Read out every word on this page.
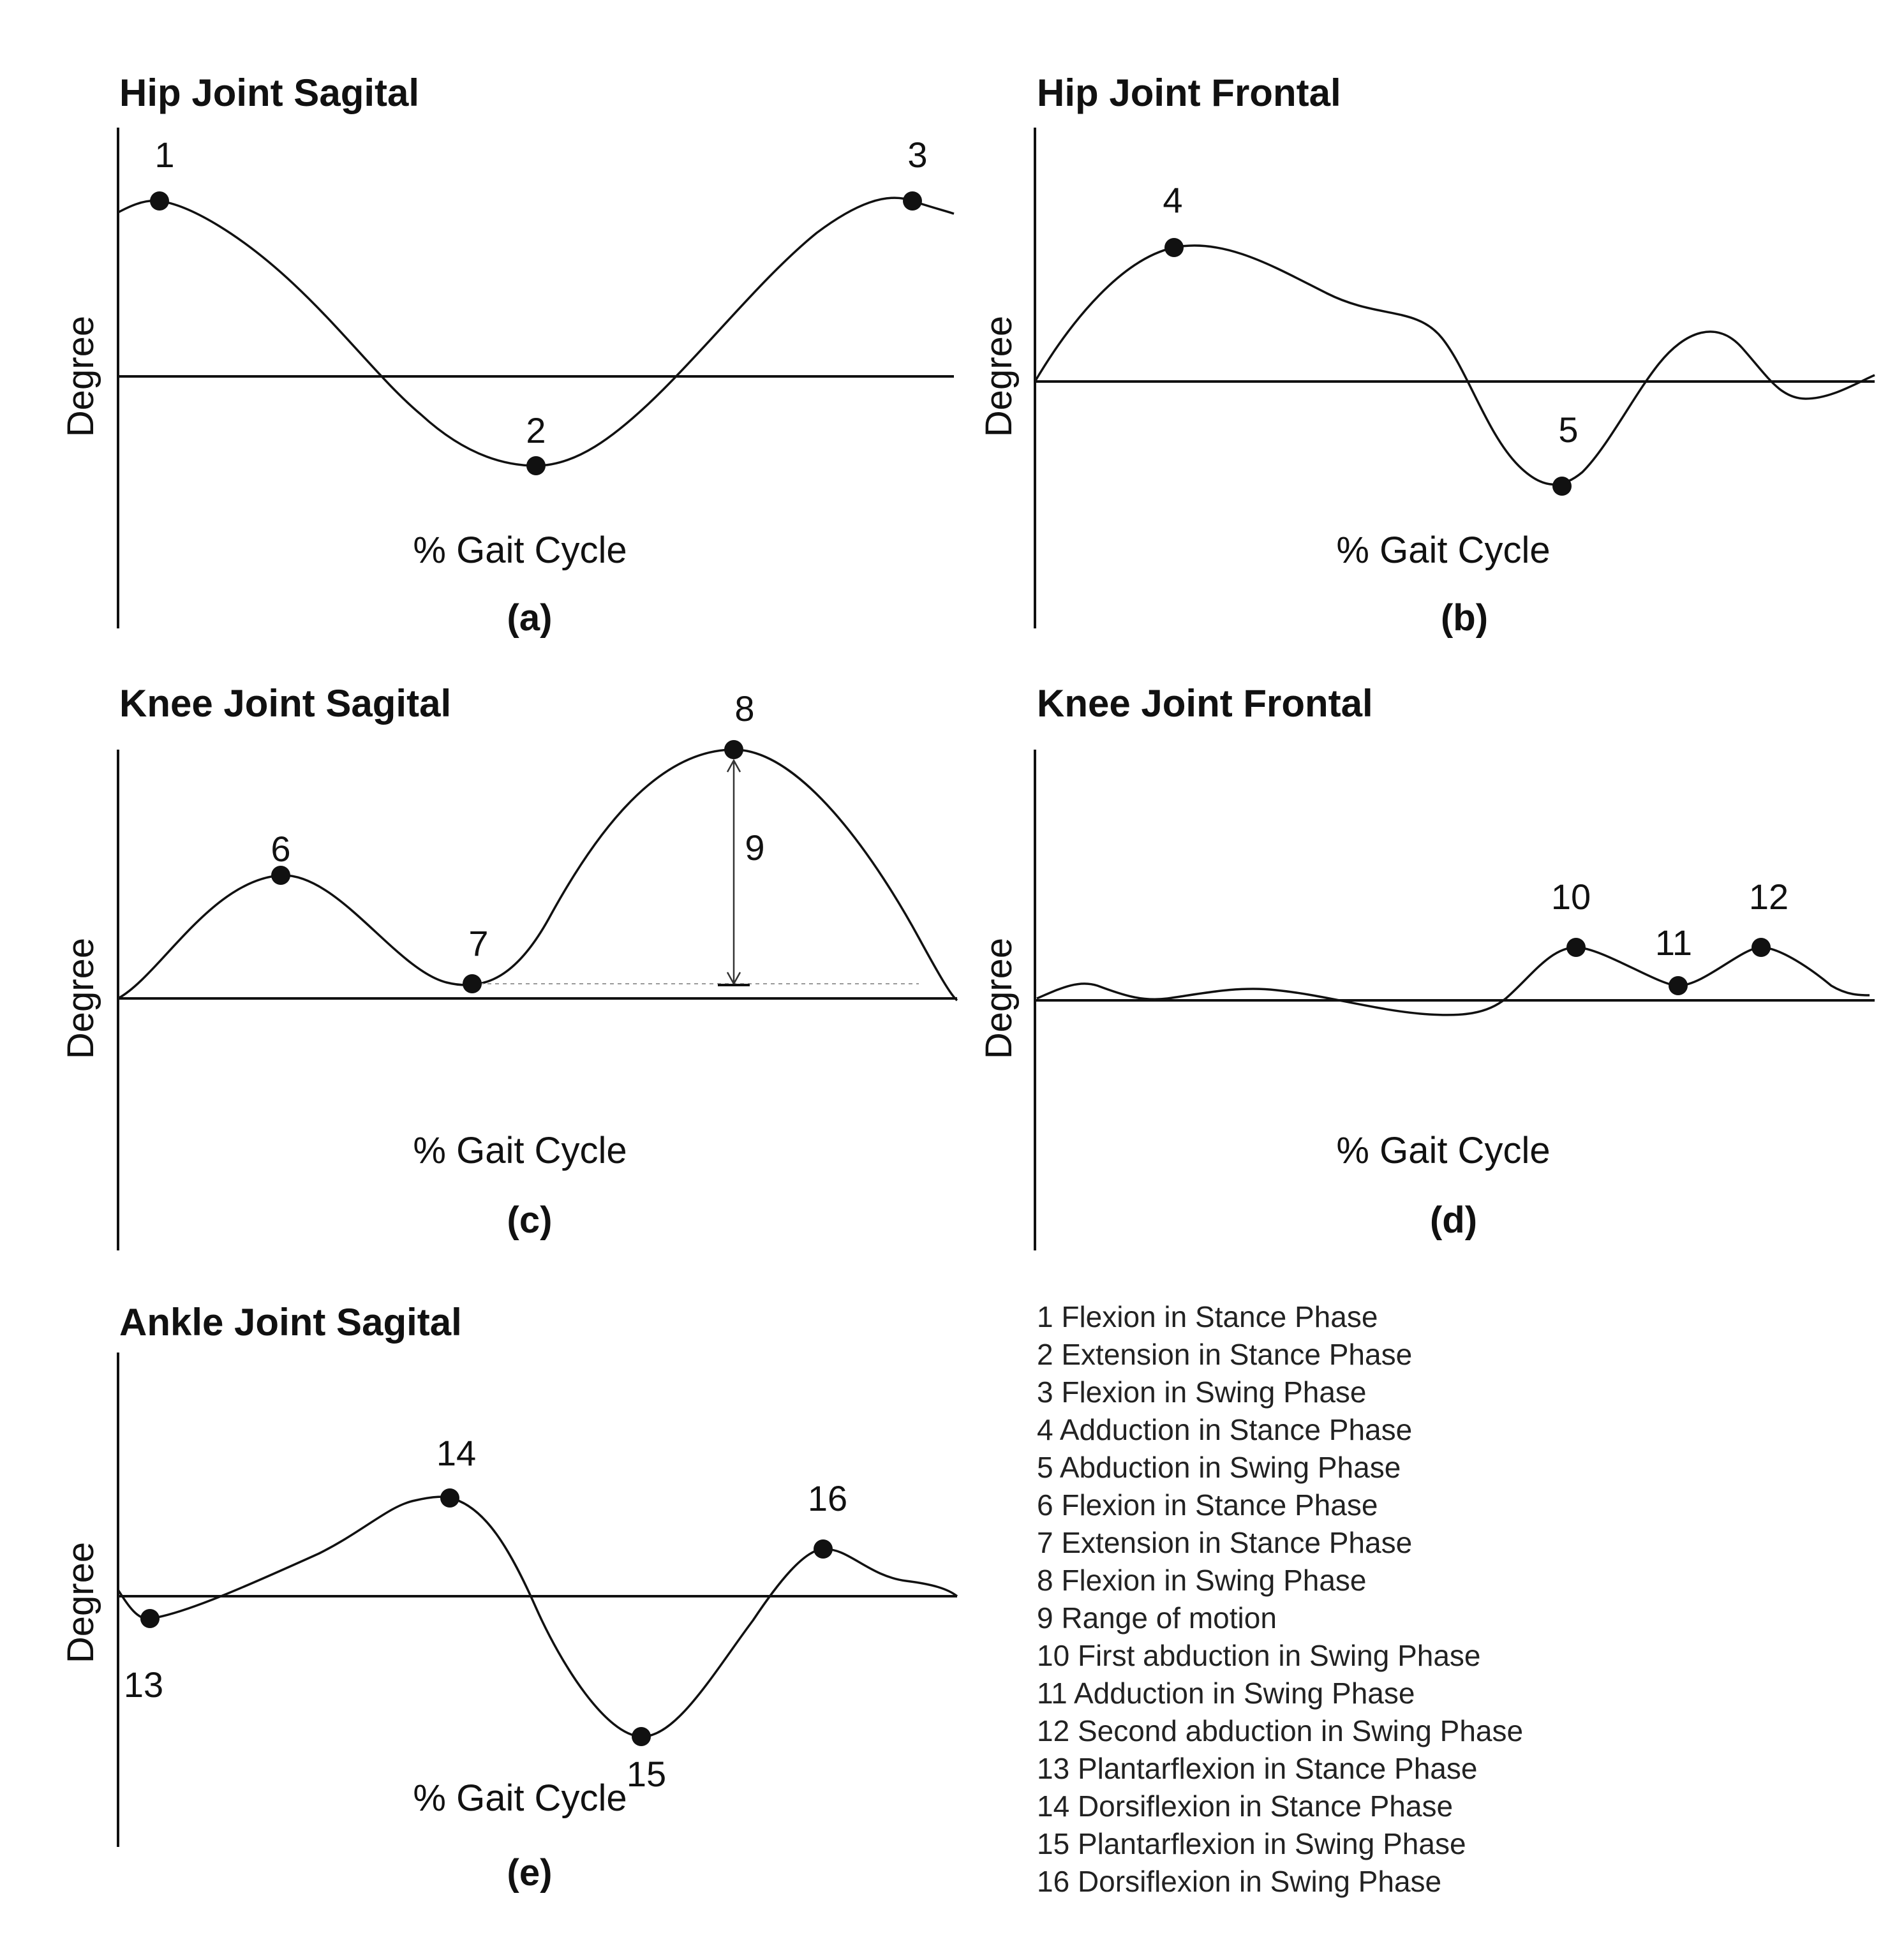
Hip Joint Sagital
Degree
% Gait Cycle
(a)
1
2
3
Hip Joint Frontal
Degree
% Gait Cycle
(b)
4
5
Knee Joint Sagital
Degree
% Gait Cycle
(c)
6
7
8
9
Knee Joint Frontal
Degree
% Gait Cycle
(d)
10
11
12
Ankle Joint Sagital
Degree
% Gait Cycle
(e)
13
14
15
16
1 Flexion in Stance Phase
2 Extension in Stance Phase
3 Flexion in Swing Phase
4 Adduction in Stance Phase
5 Abduction in Swing Phase
6 Flexion in Stance Phase
7 Extension in Stance Phase
8 Flexion in Swing Phase
9 Range of motion
10 First abduction in Swing Phase
11 Adduction in Swing Phase
12 Second abduction in Swing Phase
13 Plantarflexion in Stance Phase
14 Dorsiflexion in Stance Phase
15 Plantarflexion in Swing Phase
16 Dorsiflexion in Swing Phase
